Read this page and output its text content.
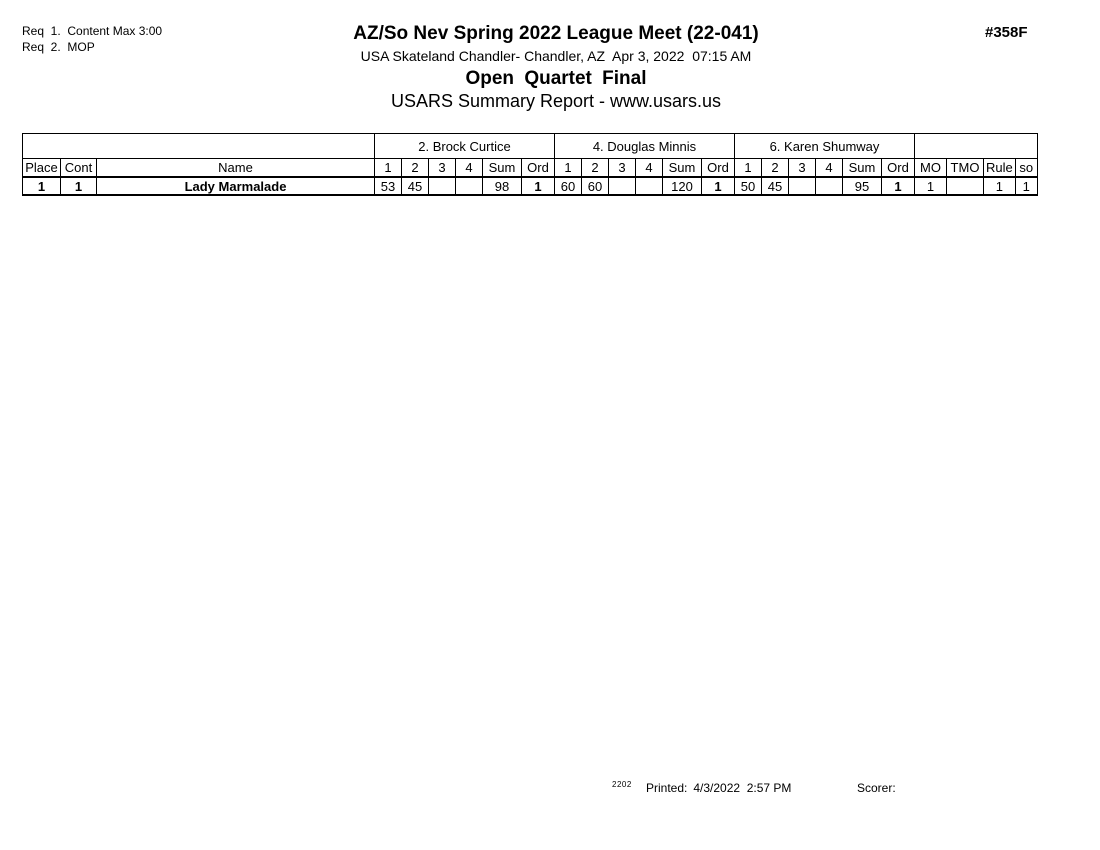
Req  1.  Content Max 3:00
Req  2.  MOP
AZ/So Nev Spring 2022 League Meet (22-041)
USA Skateland Chandler- Chandler, AZ  Apr 3, 2022  07:15 AM
Open Quartet Final
USARS Summary Report - www.usars.us
#358F
			2. Brock Curtice						4. Douglas Minnis						6. Karen Shumway									
Place	Cont	Name	1	2	3	4	Sum	Ord	1	2	3	4	Sum	Ord	1	2	3	4	Sum	Ord	MO	TMO	Rule	so
1	1	Lady Marmalade	53	45			98	1	60	60			120	1	50	45			95	1	1		1	1
2202 Printed: 4/3/2022  2:57 PM	Scorer:
